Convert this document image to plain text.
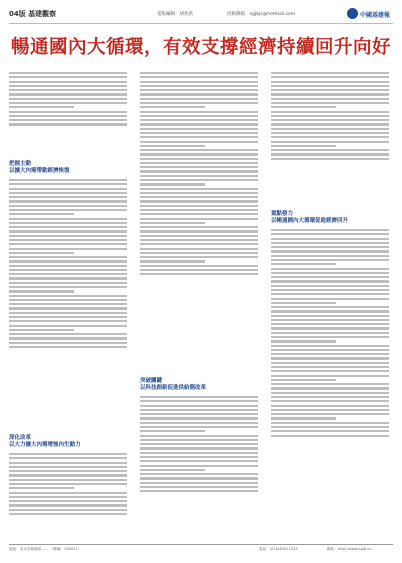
04版 基建觀察	電版編輯：胡兆新	投稿郵箱：xgjbjs@hotmail.com	中國基建報
暢通國內大循環，有效支撐經濟持續回升向好
把握主動
以擴大內需帶動經濟恢復
深化改革
以大力擴大內需增強內生動力
突破關鍵
以科技創新促進供給側改革
重點發力
以暢通國內大循環促進經濟回升
地址：北京市朝陽區 ……（郵編：100021）	電話：(010)64411229	網址：http://www.xgjb.cn
